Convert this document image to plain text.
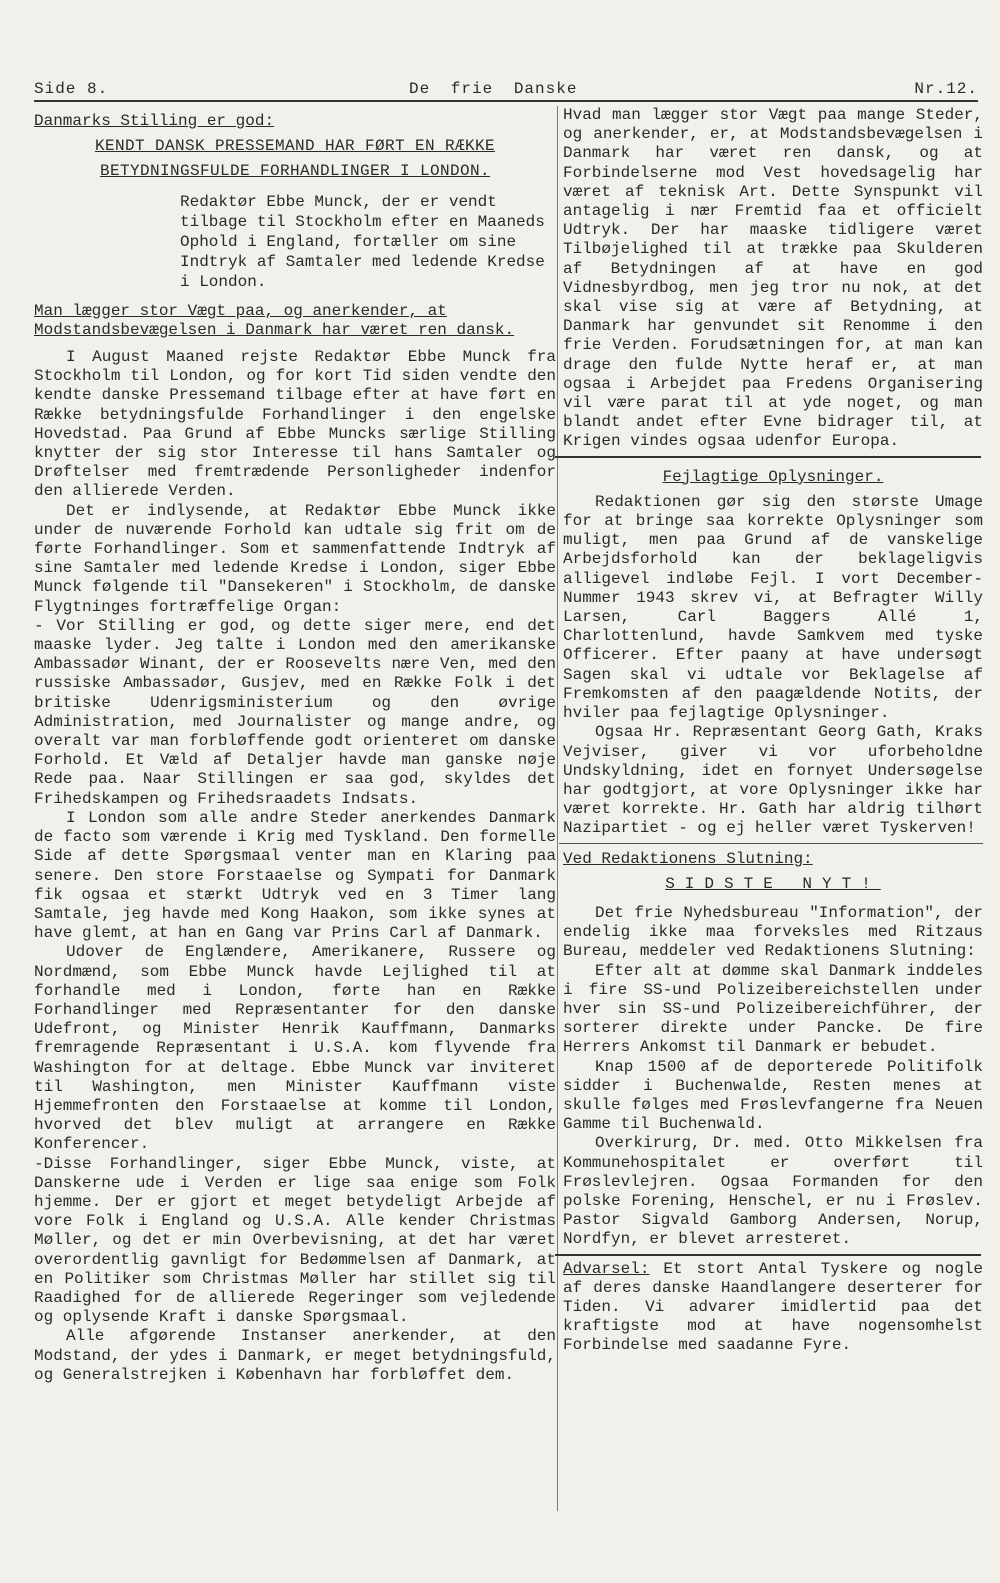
Side 8.	De frie Danske	Nr.12.
Danmarks Stilling er god:
KENDT DANSK PRESSEMAND HAR FØRT EN RÆKKE
BETYDNINGSFULDE FORHANDLINGER I LONDON.
Redaktør Ebbe Munck, der er vendt tilbage til Stockholm efter en Maaneds Ophold i England, fortæller om sine Indtryk af Samtaler med ledende Kredse i London.
Man lægger stor Vægt paa, og anerkender, at Modstandsbevægelsen i Danmark har været ren dansk.

I August Maaned rejste Redaktør Ebbe Munck fra Stockholm til London, og for kort Tid siden vendte den kendte danske Pressemand tilbage efter at have ført en Række betydningsfulde Forhandlinger i den engelske Hovedstad. Paa Grund af Ebbe Muncks særlige Stilling knytter der sig stor Interesse til hans Samtaler og Drøftelser med fremtrædende Personligheder indenfor den allierede Verden.

Det er indlysende, at Redaktør Ebbe Munck ikke under de nuværende Forhold kan udtale sig frit om de førte Forhandlinger. Som et sammenfattende Indtryk af sine Samtaler med ledende Kredse i London, siger Ebbe Munck følgende til "Dansekeren" i Stockholm, de danske Flygtninges fortræffelige Organ:

- Vor Stilling er god, og dette siger mere, end det maaske lyder. Jeg talte i London med den amerikanske Ambassadør Winant, der er Roosevelts nære Ven, med den russiske Ambassadør, Gusjev, med en Række Folk i det britiske Udenrigsministerium og den øvrige Administration, med Journalister og mange andre, og overalt var man forbløffende godt orienteret om danske Forhold. Et Væld af Detaljer havde man ganske nøje Rede paa. Naar Stillingen er saa god, skyldes det Frihedskampen og Frihedsraadets Indsats.

I London som alle andre Steder anerkendes Danmark de facto som værende i Krig med Tyskland. Den formelle Side af dette Spørgsmaal venter man en Klaring paa senere. Den store Forstaaelse og Sympati for Danmark fik ogsaa et stærkt Udtryk ved en 3 Timer lang Samtale, jeg havde med Kong Haakon, som ikke synes at have glemt, at han en Gang var Prins Carl af Danmark.

Udover de Englændere, Amerikanere, Russere og Nordmænd, som Ebbe Munck havde Lejlighed til at forhandle med i London, førte han en Række Forhandlinger med Repræsentanter for den danske Udefront, og Minister Henrik Kauffmann, Danmarks fremragende Repræsentant i U.S.A. kom flyvende fra Washington for at deltage. Ebbe Munck var inviteret til Washington, men Minister Kauffmann viste Hjemmefronten den Forstaaelse at komme til London, hvorved det blev muligt at arrangere en Række Konferencer.

-Disse Forhandlinger, siger Ebbe Munck, viste, at Danskerne ude i Verden er lige saa enige som Folk hjemme. Der er gjort et meget betydeligt Arbejde af vore Folk i England og U.S.A. Alle kender Christmas Møller, og det er min Overbevisning, at det har været overordentlig gavnligt for Bedømmelsen af Danmark, at en Politiker som Christmas Møller har stillet sig til Raadighed for de allierede Regeringer som vejledende og oplysende Kraft i danske Spørgsmaal.

Alle afgørende Instanser anerkender, at den Modstand, der ydes i Danmark, er meget betydningsfuld, og Generalstrejken i København har forbløffet dem.

Hvad man lægger stor Vægt paa mange Steder, og anerkender, er, at Modstandsbevægelsen i Danmark har været ren dansk, og at Forbindelserne mod Vest hovedsagelig har været af teknisk Art. Dette Synspunkt vil antagelig i nær Fremtid faa et officielt Udtryk. Der har maaske tidligere været Tilbøjelighed til at trække paa Skulderen af Betydningen af at have en god Vidnesbyrdbog, men jeg tror nu nok, at det skal vise sig at være af Betydning, at Danmark har genvundet sit Renomme i den frie Verden. Forudsætningen for, at man kan drage den fulde Nytte heraf er, at man ogsaa i Arbejdet paa Fredens Organisering vil være parat til at yde noget, og man blandt andet efter Evne bidrager til, at Krigen vindes ogsaa udenfor Europa.

Fejlagtige Oplysninger.

Redaktionen gør sig den største Umage for at bringe saa korrekte Oplysninger som muligt, men paa Grund af de vanskelige Arbejdsforhold kan der beklageligvis alligevel indløbe Fejl. I vort December-Nummer 1943 skrev vi, at Befragter Willy Larsen, Carl Baggers Allé 1, Charlottenlund, havde Samkvem med tyske Officerer. Efter paany at have undersøgt Sagen skal vi udtale vor Beklagelse af Fremkomsten af den paagældende Notits, der hviler paa fejlagtige Oplysninger.

Ogsaa Hr. Repræsentant Georg Gath, Kraks Vejviser, giver vi vor uforbeholdne Undskyldning, idet en fornyet Undersøgelse har godtgjort, at vore Oplysninger ikke har været korrekte. Hr. Gath har aldrig tilhørt Nazipartiet - og ej heller været Tyskerven!

Ved Redaktionens Slutning:
SIDSTE NYT!

Det frie Nyhedsbureau "Information", der endelig ikke maa forveksles med Ritzaus Bureau, meddeler ved Redaktionens Slutning:

Efter alt at dømme skal Danmark inddeles i fire SS-und Polizeibereichstellen under hver sin SS-und Polizeibereichführer, der sorterer direkte under Pancke. De fire Herrers Ankomst til Danmark er bebudet.

Knap 1500 af de deporterede Politifolk sidder i Buchenwalde, Resten menes at skulle følges med Frøslevfangerne fra Neuen Gamme til Buchenwald.

Overkirurg, Dr. med. Otto Mikkelsen fra Kommunehospitalet er overført til Frøslevlejren. Ogsaa Formanden for den polske Forening, Henschel, er nu i Frøslev. Pastor Sigvald Gamborg Andersen, Norup, Nordfyn, er blevet arresteret.

Advarsel: Et stort Antal Tyskere og nogle af deres danske Haandlangere deserterer for Tiden. Vi advarer imidlertid paa det kraftigste mod at have nogensomhelst Forbindelse med saadanne Fyre.
